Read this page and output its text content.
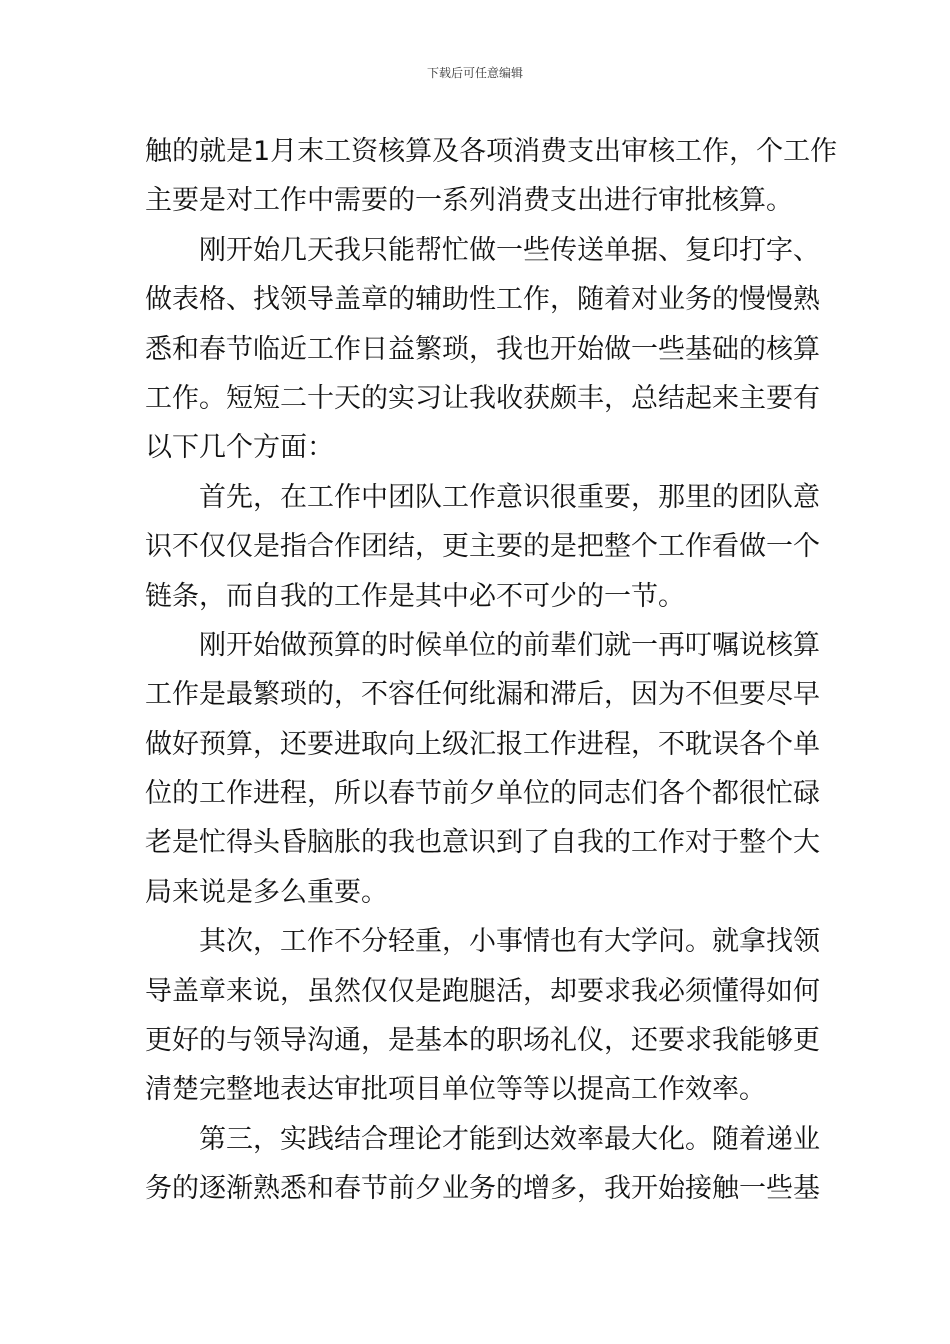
下载后可任意编辑
触的就是1月末工资核算及各项消费支出审核工作，个工作
主要是对工作中需要的一系列消费支出进行审批核算。
刚开始几天我只能帮忙做一些传送单据、复印打字、
做表格、找领导盖章的辅助性工作，随着对业务的慢慢熟
悉和春节临近工作日益繁琐，我也开始做一些基础的核算
工作。短短二十天的实习让我收获颇丰，总结起来主要有
以下几个方面：
首先，在工作中团队工作意识很重要，那里的团队意
识不仅仅是指合作团结，更主要的是把整个工作看做一个
链条，而自我的工作是其中必不可少的一节。
刚开始做预算的时候单位的前辈们就一再叮嘱说核算
工作是最繁琐的，不容任何纰漏和滞后，因为不但要尽早
做好预算，还要进取向上级汇报工作进程，不耽误各个单
位的工作进程，所以春节前夕单位的同志们各个都很忙碌
老是忙得头昏脑胀的我也意识到了自我的工作对于整个大
局来说是多么重要。
其次，工作不分轻重，小事情也有大学问。就拿找领
导盖章来说，虽然仅仅是跑腿活，却要求我必须懂得如何
更好的与领导沟通，是基本的职场礼仪，还要求我能够更
清楚完整地表达审批项目单位等等以提高工作效率。
第三，实践结合理论才能到达效率最大化。随着递业
务的逐渐熟悉和春节前夕业务的增多，我开始接触一些基
